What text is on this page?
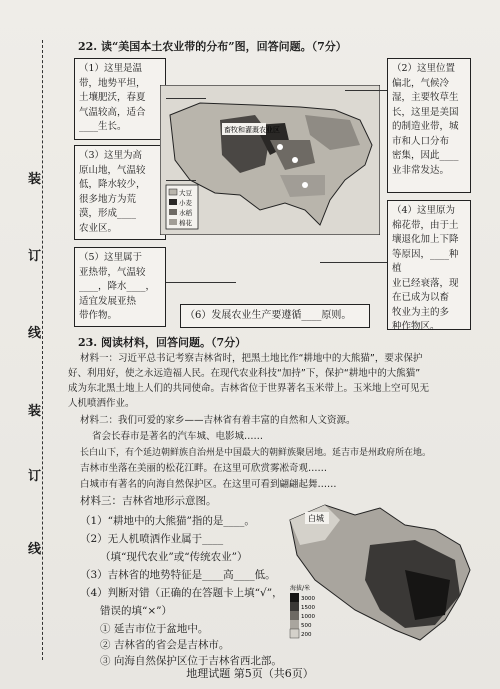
装
订
线
装
订
线
22. 读“美国本土农业带的分布”图，回答问题。（7分）
（1）这里是温
带，地势平坦，
土壤肥沃，春夏
气温较高，适合
____生长。
（3）这里为高
原山地，气温较
低，降水较少，
很多地方为荒
漠，形成____
农业区。
（5）这里属于
亚热带，气温较
____，降水____，
适宜发展亚热
带作物。
（2）这里位置
偏北，气候冷
湿，主要牧草生
长，这里是美国
的制造业带，城
市和人口分布
密集，因此____
业非常发达。
（4）这里原为
棉花带，由于土
壤退化加上下降
等原因，____种植
业已经衰落，现
在已成为以畜
牧业为主的多
种作物区。
（6）发展农业生产要遵循____原则。
畜牧和灌溉农业区
大豆
小麦
水稻
棉花
23. 阅读材料，回答问题。（7分）
材料一：习近平总书记考察吉林省时，把黑土地比作“耕地中的大熊猫”，要求保护
好、利用好，使之永远造福人民。在现代农业科技“加持”下，保护“耕地中的大熊猫”
成为东北黑土地上人们的共同使命。吉林省位于世界著名玉米带上。玉米地上空可见无
人机喷洒作业。
材料二：我们可爱的家乡——吉林省有着丰富的自然和人文资源。
省会长春市是著名的汽车城、电影城……
长白山下，有个延边朝鲜族自治州是中国最大的朝鲜族聚居地。延吉市是州政府所在地。
吉林市坐落在美丽的松花江畔。在这里可欣赏雾凇奇观……
白城市有著名的向海自然保护区。在这里可看到翩翩起舞……
材料三：吉林省地形示意图。
（1）“耕地中的大熊猫”指的是____。
（2）无人机喷洒作业属于____
（填“现代农业”或“传统农业”）
（3）吉林省的地势特征是____高____低。
（4）判断对错（正确的在答题卡上填“√”，
错误的填“×”）
① 延吉市位于盆地中。
② 吉林省的省会是吉林市。
③ 向海自然保护区位于吉林省西北部。
白城
海拔/米
3000
1500
1000
500
200
地理试题 第5页（共6页）
